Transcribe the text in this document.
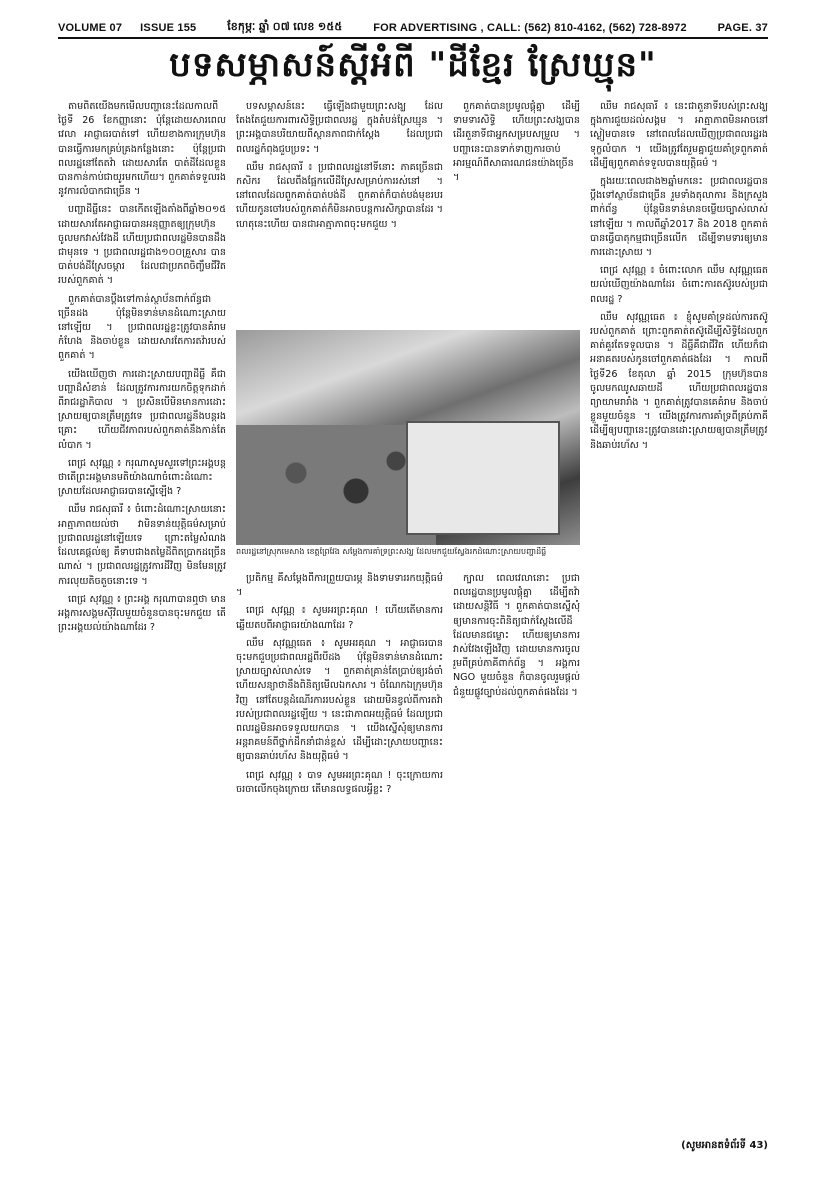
VOLUME 07 ISSUE 155	ខែកុម្ភៈ ឆ្នាំ ០៧ លេខ ១៥៥	FOR ADVERTISING , CALL: (562) 810-4162, (562) 728-8972	PAGE. 37
បទសម្ភាសន៍ស្តីអំពី "ដីខ្មែរ ស្រែឃ្មុន"

តាមពិតយើងមកមើលបញ្ហានេះដែលកាលពីថ្ងៃទី 26 ខែកញ្ញានោះ ប៉ុន្តែដោយសារពេលវេលា អាជ្ញាធរបាត់ទៅ ហើយខាងការក្រុមហ៊ុនបានធ្វើការមកគ្រប់គ្រងកន្លែងនោះ ប៉ុន្តែប្រជាពលរដ្ឋនៅតែតវ៉ា ដោយសារតែ បាត់ដីដែលខ្លួនបានកាន់កាប់ជាយូរមកហើយ។ ពួកគាត់ទទួលរងនូវការលំបាកជាច្រើន ។

បញ្ហាដីធ្លីនេះ បានកើតឡើងតាំងពីឆ្នាំ២០១៥ ដោយសារតែអាជ្ញាធរបានអនុញ្ញាតឲ្យក្រុមហ៊ុនចូលមកវាស់វែងដី ហើយប្រជាពលរដ្ឋមិនបានដឹងជាមុនទេ ។ ប្រជាពលរដ្ឋជាង១០០គ្រួសារ បានបាត់បង់ដីស្រែចម្ការ ដែលជាប្រភពចិញ្ចឹមជីវិតរបស់ពួកគាត់ ។

ពួកគាត់បានប្តឹងទៅកាន់ស្ថាប័នពាក់ព័ន្ធជាច្រើនដង ប៉ុន្តែមិនទាន់មានដំណោះស្រាយនៅឡើយ ។ ប្រជាពលរដ្ឋខ្លះត្រូវបានគំរាមកំហែង និងចាប់ខ្លួន ដោយសារតែការតវ៉ារបស់ពួកគាត់ ។

យើងឃើញថា ការដោះស្រាយបញ្ហាដីធ្លី គឺជាបញ្ហាដ៏សំខាន់ ដែលត្រូវការការយកចិត្តទុកដាក់ពីរាជរដ្ឋាភិបាល ។ ប្រសិនបើមិនមានការដោះស្រាយឲ្យបានត្រឹមត្រូវទេ ប្រជាពលរដ្ឋនឹងបន្តរងគ្រោះ ហើយជីវភាពរបស់ពួកគាត់នឹងកាន់តែលំបាក ។

ពេជ្រ សុវណ្ណ ៖ ករុណាសូមសួរទៅព្រះអង្គបន្ត ថាតើព្រះអង្គមានមតិយ៉ាងណាចំពោះដំណោះស្រាយដែលអាជ្ញាធរបានស្នើឡើង ?

ឈឹម រាជសុធារី ៖ ចំពោះដំណោះស្រាយនោះ អាត្មាភាពយល់ថា វាមិនទាន់យុត្តិធម៌សម្រាប់ប្រជាពលរដ្ឋនៅឡើយទេ ព្រោះតម្លៃសំណងដែលគេផ្តល់ឲ្យ គឺទាបជាងតម្លៃដីពិតប្រាកដច្រើនណាស់ ។ ប្រជាពលរដ្ឋត្រូវការដីវិញ មិនមែនត្រូវការលុយតិចតួចនោះទេ ។

ពេជ្រ សុវណ្ណ ៖ ព្រះអង្គ ករុណាបានឮថា មានអង្គការសង្គមស៊ីវិលមួយចំនួនបានចុះមកជួយ តើព្រះអង្គយល់យ៉ាងណាដែរ ?

បទសម្ភាសន៍នេះ ធ្វើឡើងជាមួយព្រះសង្ឃ ដែលតែងតែជួយការពារសិទ្ធិប្រជាពលរដ្ឋ ក្នុងតំបន់ស្រែឃ្មុន ។ ព្រះអង្គបានបរិយាយពីស្ថានភាពជាក់ស្តែង ដែលប្រជាពលរដ្ឋកំពុងជួបប្រទះ ។

ឈឹម រាជសុធារី ៖ ប្រជាពលរដ្ឋនៅទីនោះ ភាគច្រើនជាកសិករ ដែលពឹងផ្អែកលើដីស្រែសម្រាប់ការរស់នៅ ។ នៅពេលដែលពួកគាត់បាត់បង់ដី ពួកគាត់ក៏បាត់បង់មុខរបរ ហើយកូនចៅរបស់ពួកគាត់ក៏មិនអាចបន្តការសិក្សាបានដែរ ។ ហេតុនេះហើយ បានជាអាត្មាភាពចុះមកជួយ ។

ពួកគាត់បានប្រមូលផ្តុំគ្នា ដើម្បីទាមទារសិទ្ធិ ហើយព្រះសង្ឃបានដើរតួនាទីជាអ្នកសម្របសម្រួល ។ បញ្ហានេះបានទាក់ទាញការចាប់អារម្មណ៍ពីសាធារណជនយ៉ាងច្រើន ។

ពលរដ្ឋនៅស្រុកមេសាង ខេត្តព្រៃវែង សម្តែងការគាំទ្រព្រះសង្ឃ ដែលមកជួយស្វែងរកដំណោះស្រាយបញ្ហាដីធ្លី

ប្រតិកម្ម គឺសម្តែងពីការព្រួយបារម្ភ និងទាមទាររកយុត្តិធម៌ ។

ពេជ្រ សុវណ្ណ ៖ សូមអរព្រះគុណ ! ហើយតើមានការឆ្លើយតបពីអាជ្ញាធរយ៉ាងណាដែរ ?

ឈឹម សុវណ្ណធេត ៖ សូមអរគុណ ។ អាជ្ញាធរបានចុះមកជួបប្រជាពលរដ្ឋពីរបីដង ប៉ុន្តែមិនទាន់មានដំណោះស្រាយច្បាស់លាស់ទេ ។ ពួកគាត់គ្រាន់តែប្រាប់ឲ្យរង់ចាំ ហើយសន្យាថានឹងពិនិត្យមើលឯកសារ ។ ចំណែកឯក្រុមហ៊ុនវិញ នៅតែបន្តដំណើរការរបស់ខ្លួន ដោយមិនខ្វល់ពីការតវ៉ារបស់ប្រជាពលរដ្ឋឡើយ ។ នេះជាភាពអយុត្តិធម៌ ដែលប្រជាពលរដ្ឋមិនអាចទទួលយកបាន ។ យើងស្នើសុំឲ្យមានការអន្តរាគមន៍ពីថ្នាក់ដឹកនាំជាន់ខ្ពស់ ដើម្បីដោះស្រាយបញ្ហានេះឲ្យបានឆាប់រហ័ស និងយុត្តិធម៌ ។

ពេជ្រ សុវណ្ណ ៖ បាទ សូមអរព្រះគុណ ! ចុះក្រោយការចរចាលើកចុងក្រោយ តើមានលទ្ធផលអ្វីខ្លះ ?

ក្បាល ពេលវេលានោះ ប្រជាពលរដ្ឋបានប្រមូលផ្តុំគ្នា ដើម្បីតវ៉ាដោយសន្តិវិធី ។ ពួកគាត់បានស្នើសុំឲ្យមានការចុះពិនិត្យជាក់ស្តែងលើដីដែលមានជម្លោះ ហើយឲ្យមានការវាស់វែងឡើងវិញ ដោយមានការចូលរួមពីគ្រប់ភាគីពាក់ព័ន្ធ ។ អង្គការ NGO មួយចំនួន ក៏បានចូលរួមផ្តល់ជំនួយផ្លូវច្បាប់ដល់ពួកគាត់ផងដែរ ។

ឈឹម រាជសុធារី ៖ នេះជាតួនាទីរបស់ព្រះសង្ឃ ក្នុងការជួយដល់សង្គម ។ អាត្មាភាពមិនអាចនៅស្ងៀមបានទេ នៅពេលដែលឃើញប្រជាពលរដ្ឋរងទុក្ខលំបាក ។ យើងត្រូវតែរួមគ្នាជួយគាំទ្រពួកគាត់ ដើម្បីឲ្យពួកគាត់ទទួលបានយុត្តិធម៌ ។

ក្នុងរយៈពេលជាង២ឆ្នាំមកនេះ ប្រជាពលរដ្ឋបានប្តឹងទៅស្ថាប័នជាច្រើន រួមទាំងតុលាការ និងក្រសួងពាក់ព័ន្ធ ប៉ុន្តែមិនទាន់មានចម្លើយច្បាស់លាស់នៅឡើយ ។ កាលពីឆ្នាំ2017 និង 2018 ពួកគាត់បានធ្វើបាតុកម្មជាច្រើនលើក ដើម្បីទាមទារឲ្យមានការដោះស្រាយ ។

ពេជ្រ សុវណ្ណ ៖ ចំពោះលោក ឈឹម សុវណ្ណធេត យល់ឃើញយ៉ាងណាដែរ ចំពោះការតស៊ូរបស់ប្រជាពលរដ្ឋ ?

ឈឹម សុវណ្ណធេត ៖ ខ្ញុំសូមគាំទ្រដល់ការតស៊ូរបស់ពួកគាត់ ព្រោះពួកគាត់តស៊ូដើម្បីសិទ្ធិដែលពួកគាត់គួរតែទទួលបាន ។ ដីធ្លីគឺជាជីវិត ហើយក៏ជាអនាគតរបស់កូនចៅពួកគាត់ផងដែរ ។ កាលពីថ្ងៃទី26 ខែតុលា ឆ្នាំ 2015 ក្រុមហ៊ុនបានចូលមកឈូសឆាយដី ហើយប្រជាពលរដ្ឋបានព្យាយាមរារាំង ។ ពួកគាត់ត្រូវបានគេគំរាម និងចាប់ខ្លួនមួយចំនួន ។ យើងត្រូវការការគាំទ្រពីគ្រប់ភាគី ដើម្បីឲ្យបញ្ហានេះត្រូវបានដោះស្រាយឲ្យបានត្រឹមត្រូវ និងឆាប់រហ័ស ។

(សូមអានតទំព័រទី 43)
